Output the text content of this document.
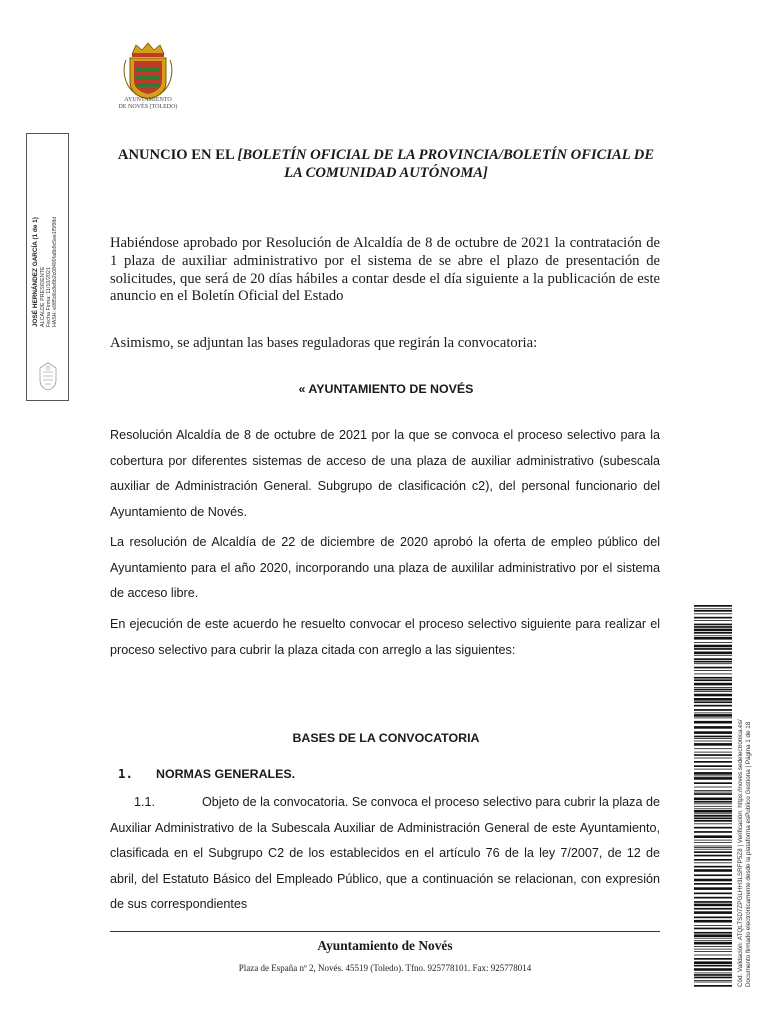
AYUNTAMIENTO
DE NOVÉS (TOLEDO)
JOSÉ HERNÁNDEZ GARCÍA (1 de 1) ALCALDE PRESIDENTE Fecha Firma: 11/10/2021 HASH: e985d6c8e8b2c08490fa8b9c5ee1f5f98d
ANUNCIO EN EL [BOLETÍN OFICIAL DE LA PROVINCIA/BOLETÍN OFICIAL DE LA COMUNIDAD AUTÓNOMA]
Habiéndose aprobado por Resolución de Alcaldía de 8 de octubre de 2021 la contratación de 1 plaza de auxiliar administrativo por el sistema de se abre el plazo de presentación de solicitudes, que será de 20 días hábiles a contar desde el día siguiente a la publicación de este anuncio en el Boletín Oficial del Estado
Asimismo, se adjuntan las bases reguladoras que regirán la convocatoria:
« AYUNTAMIENTO DE NOVÉS
Resolución Alcaldía de 8 de octubre de 2021 por la que se convoca el proceso selectivo para la cobertura por diferentes sistemas de acceso de una plaza de auxiliar administrativo (subescala auxiliar de Administración General. Subgrupo de clasificación c2), del personal funcionario del Ayuntamiento de Novés.
La resolución de Alcaldía de 22 de diciembre de 2020 aprobó la oferta de empleo público del Ayuntamiento para el año 2020, incorporando una plaza de auxililar administrativo por el sistema de acceso libre.
En ejecución de este acuerdo he resuelto convocar el proceso selectivo siguiente para realizar el proceso selectivo para cubrir la plaza citada con arreglo a las siguientes:
BASES DE LA CONVOCATORIA
1. NORMAS GENERALES.
1.1.	Objeto de la convocatoria. Se convoca el proceso selectivo para cubrir la plaza de Auxiliar Administrativo de la Subescala Auxiliar de Administración General de este Ayuntamiento, clasificada en el Subgrupo C2 de los establecidos en el artículo 76 de la ley 7/2007, de 12 de abril, del Estatuto Básico del Empleado Público, que a continuación se relacionan, con expresión de sus correspondientes
Ayuntamiento de Novés
Plaza de España nº 2, Novés. 45519 (Toledo). Tfno. 925778101. Fax: 925778014	Cód. Validación: ATQLTSD7ZPGLHH3LSRFP5Z8 | Verificación: https://noves.sedelectronica.es/ Documento firmado electrónicamente desde la plataforma esPublico Gestiona | Página 1 de 18
